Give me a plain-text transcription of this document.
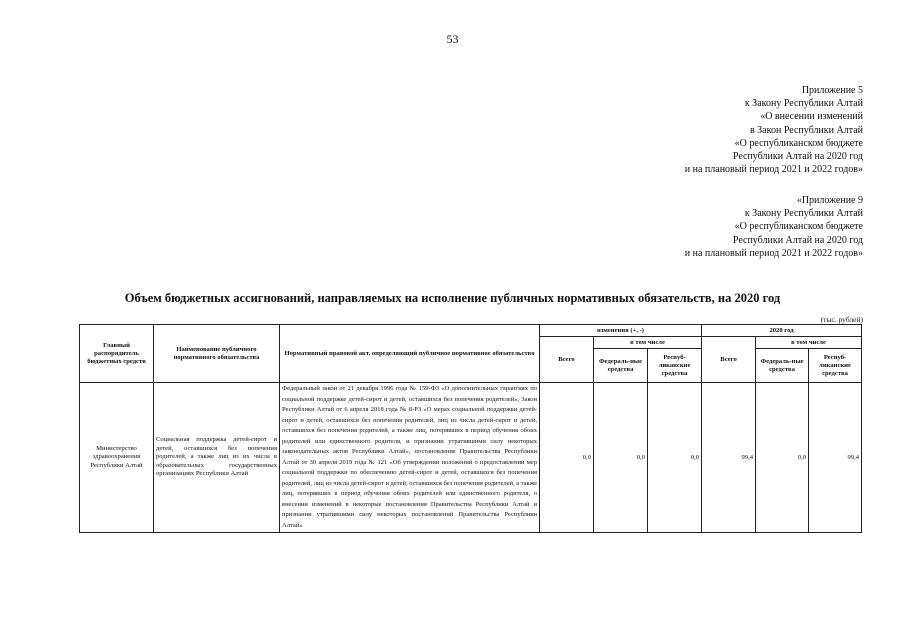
53
Приложение 5
к Закону Республики Алтай
«О внесении изменений
в Закон Республики Алтай
«О республиканском бюджете
Республики Алтай на 2020 год
и на плановый период 2021 и 2022 годов»
«Приложение 9
к Закону Республики Алтай
«О республиканском бюджете
Республики Алтай на 2020 год
и на плановый период 2021 и 2022 годов»
Объем бюджетных ассигнований, направляемых на исполнение публичных нормативных обязательств, на 2020 год
(тыс. рублей)
Главный распорядитель бюджетных средств	Наименование публичного нормативного обязательства	Нормативный правовой акт, определяющий публичное нормативное обязательство	изменения (+, -)			2020 год		
			Всего	в том числе		Всего	в том числе	
				Федераль-ные средства	Респуб-ликанские средства		Федераль-ные средства	Респуб-ликанские средства
Министерство здравоохранения Республики Алтай	Социальная поддержка детей-сирот и детей, оставшихся без попечения родителей, а также лиц из их числа в образовательных государственных организациях Республики Алтай	Федеральный закон от 21 декабря 1996 года № 159-ФЗ «О дополнительных гарантиях по социальной поддержке детей-сирот и детей, оставшихся без попечения родителей», Закон Республики Алтай от 6 апреля 2018 года № 8-РЗ «О мерах социальной поддержки детей-сирот и детей, оставшихся без попечения родителей, лиц из числа детей-сирот и детей, оставшихся без попечения родителей, а также лиц, потерявших в период обучения обоих родителей или единственного родителя, и признании утратившими силу некоторых законодательных актов Республики Алтай», постановление Правительства Республики Алтай от 30 апреля 2019 года № 121 «Об утверждении положений о предоставлении мер социальной поддержки по обеспечению детей-сирот и детей, оставшихся без попечения родителей, лиц из числа детей-сирот и детей, оставшихся без попечения родителей, а также лиц, потерявших в период обучения обоих родителей или единственного родителя, о внесении изменений в некоторые постановления Правительства Республики Алтай и признании утратившими силу некоторых постановлений Правительства Республики Алтай»	0,0	0,0	0,0	99,4	0,0	99,4
